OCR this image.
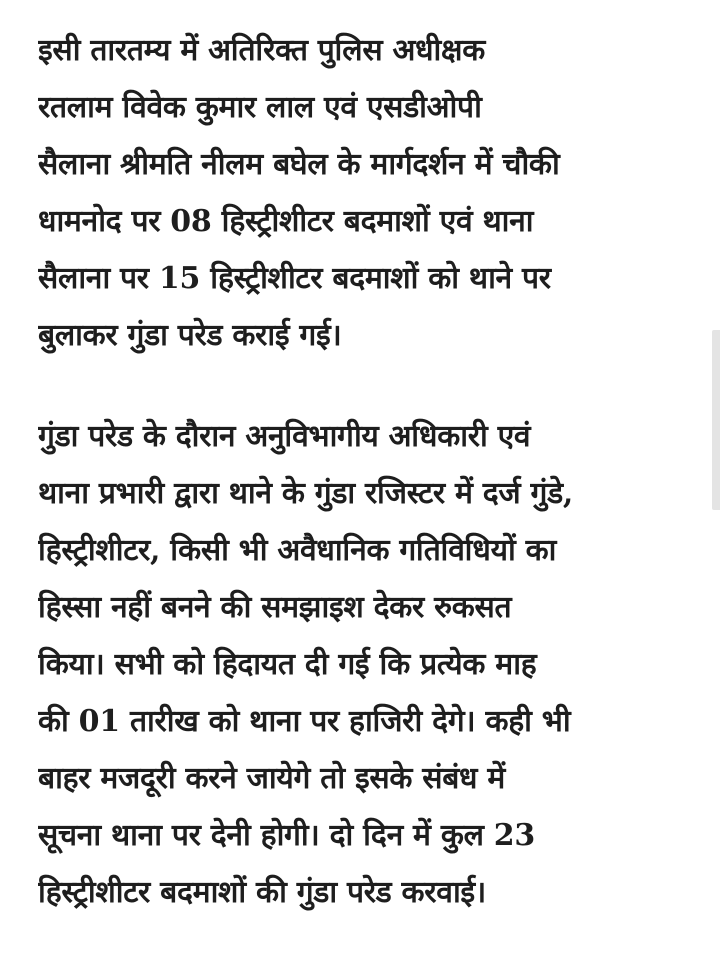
इसी तारतम्य में अतिरिक्त पुलिस अधीक्षक
रतलाम विवेक कुमार लाल एवं एसडीओपी
सैलाना श्रीमति नीलम बघेल के मार्गदर्शन में चौकी
धामनोद पर 08 हिस्ट्रीशीटर बदमाशों एवं थाना
सैलाना पर 15 हिस्ट्रीशीटर बदमाशों को थाने पर
बुलाकर गुंडा परेड कराई गई।
गुंडा परेड के दौरान अनुविभागीय अधिकारी एवं
थाना प्रभारी द्वारा थाने के गुंडा रजिस्टर में दर्ज गुंडे,
हिस्ट्रीशीटर, किसी भी अवैधानिक गतिविधियों का
हिस्सा नहीं बनने की समझाइश देकर रुकसत
किया। सभी को हिदायत दी गई कि प्रत्येक माह
की 01 तारीख को थाना पर हाजिरी देगे। कही भी
बाहर मजदूरी करने जायेगे तो इसके संबंध में
सूचना थाना पर देनी होगी। दो दिन में कुल 23
हिस्ट्रीशीटर बदमाशों की गुंडा परेड करवाई।
